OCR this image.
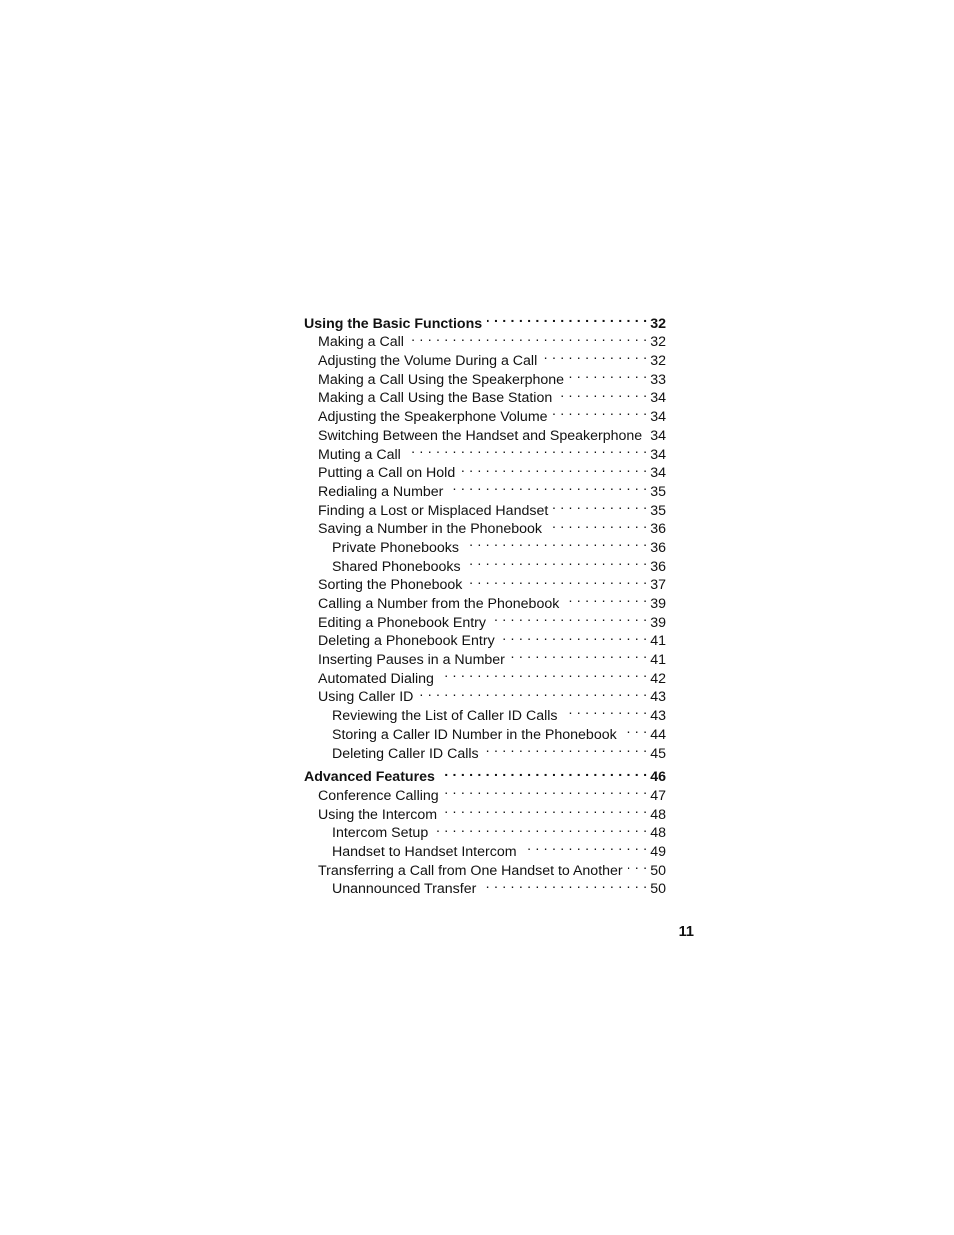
Using the Basic Functions . . .	32
Making a Call . . .	32
Adjusting the Volume During a Call . . .	32
Making a Call Using the Speakerphone . . .	33
Making a Call Using the Base Station . . .	34
Adjusting the Speakerphone Volume . . .	34
Switching Between the Handset and Speakerphone . . . 34
Muting a Call . . .	34
Putting a Call on Hold . . .	34
Redialing a Number . . .	35
Finding a Lost or Misplaced Handset . . .	35
Saving a Number in the Phonebook . . .	36
Private Phonebooks . . .	36
Shared Phonebooks . . .	36
Sorting the Phonebook . . .	37
Calling a Number from the Phonebook . . .	39
Editing a Phonebook Entry . . .	39
Deleting a Phonebook Entry . . .	41
Inserting Pauses in a Number . . .	41
Automated Dialing . . .	42
Using Caller ID . . .	43
Reviewing the List of Caller ID Calls . . .	43
Storing a Caller ID Number in the Phonebook . . . 44
Deleting Caller ID Calls . . .	45
Advanced Features . . .	46
Conference Calling . . .	47
Using the Intercom . . .	48
Intercom Setup . . .	48
Handset to Handset Intercom . . .	49
Transferring a Call from One Handset to Another . . . 50
Unannounced Transfer . . .	50
11
